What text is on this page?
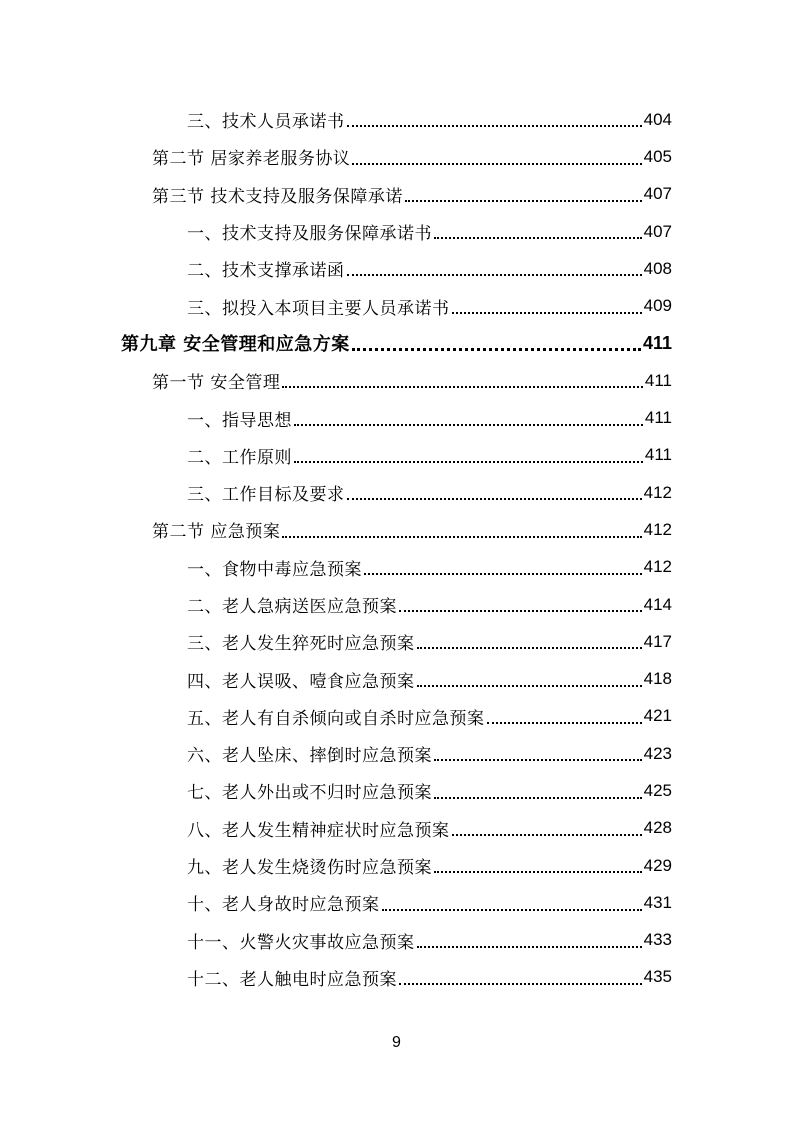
三、技术人员承诺书	404
第二节 居家养老服务协议	405
第三节 技术支持及服务保障承诺	407
一、技术支持及服务保障承诺书	407
二、技术支撑承诺函	408
三、拟投入本项目主要人员承诺书	409
第九章 安全管理和应急方案	411
第一节 安全管理	411
一、指导思想	411
二、工作原则	411
三、工作目标及要求	412
第二节 应急预案	412
一、食物中毒应急预案	412
二、老人急病送医应急预案	414
三、老人发生猝死时应急预案	417
四、老人误吸、噎食应急预案	418
五、老人有自杀倾向或自杀时应急预案	421
六、老人坠床、摔倒时应急预案	423
七、老人外出或不归时应急预案	425
八、老人发生精神症状时应急预案	428
九、老人发生烧烫伤时应急预案	429
十、老人身故时应急预案	431
十一、火警火灾事故应急预案	433
十二、老人触电时应急预案	435
9
